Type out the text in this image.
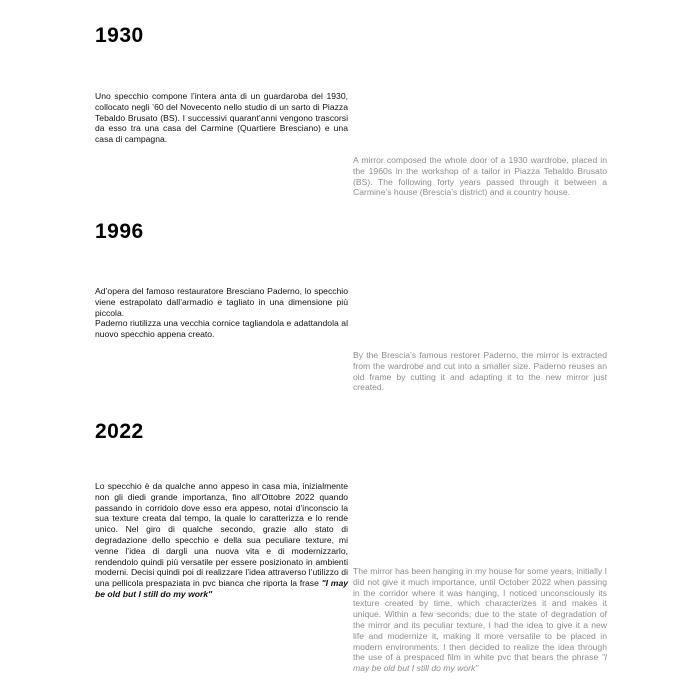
1930

Uno specchio compone l’intera anta di un guardaroba del 1930, collocato negli ’60 del Novecento nello studio di un sarto di Piazza Tebaldo Brusato (BS). I successivi quarant’anni vengono trascorsi da esso tra una casa del Carmine (Quartiere Bresciano) e una casa di campagna.

A mirror composed the whole door of a 1930 wardrobe, placed in the 1960s in the workshop of a tailor in Piazza Tebaldo Brusato (BS). The following forty years passed through it between a Carmine’s house (Brescia’s district) and a country house.

1996

Ad’opera del famoso restauratore Bresciano Paderno, lo specchio viene estrapolato dall’armadio e tagliato in una dimensione più piccola.

Paderno riutilizza una vecchia cornice tagliandola e adattandola al nuovo specchio appena creato.

By the Brescia’s famous restorer Paderno, the mirror is extracted from the wardrobe and cut into a smaller size. Paderno reuses an old frame by cutting it and adapting it to the new mirror just created.

2022

Lo specchio è da qualche anno appeso in casa mia, inizialmente non gli diedi grande importanza, fino all’Ottobre 2022 quando passando in corridoio dove esso era appeso, notai d’inconscio la sua texture creata dal tempo, la quale lo caratterizza e lo rende unico. Nel giro di qualche secondo, grazie allo stato di degradazione dello specchio e della sua peculiare texture, mi venne l’idea di dargli una nuova vita e di modernizzarlo, rendendolo quindi più versatile per essere posizionato in ambienti moderni. Decisi quindi poi di realizzare l’idea attraverso l’utilizzo di una pellicola prespaziata in pvc bianca che riporta la frase "I may be old but I still do my work"

The mirror has been hanging in my house for some years, initially I did not give it much importance, until October 2022 when passing in the corridor where it was hanging, I noticed unconsciously its texture created by time, which characterizes it and makes it unique. Within a few seconds, due to the state of degradation of the mirror and its peculiar texture, I had the idea to give it a new life and modernize it, making it more versatile to be placed in modern environments. I then decided to realize the idea through the use of a prespaced film in white pvc that bears the phrase "I may be old but I still do my work"
